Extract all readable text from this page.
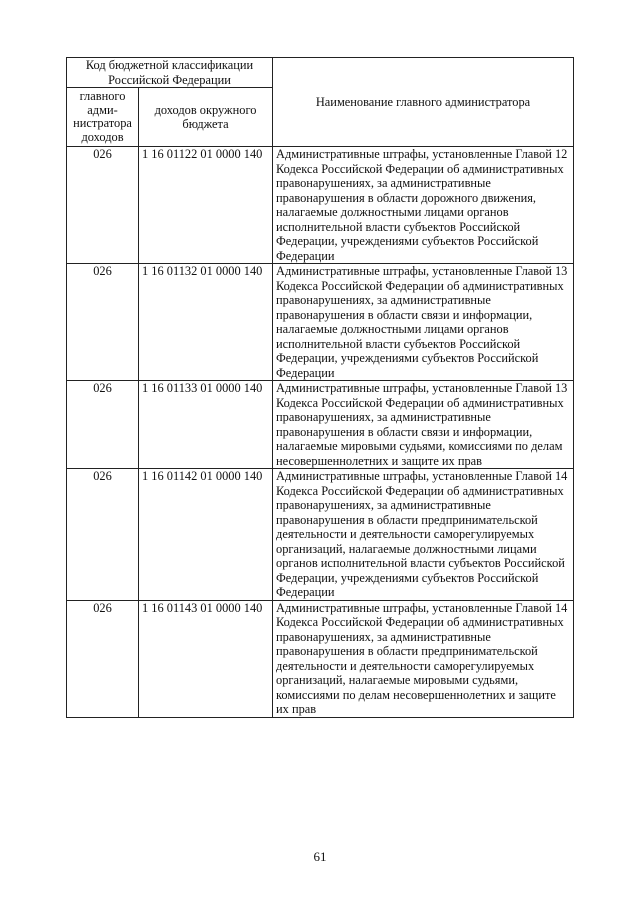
Код бюджетной классификации Российской Федерации		Наименование главного администратора
главного адми-нистратора доходов	доходов окружного бюджета	
026	1 16 01122 01 0000 140	Административные штрафы, установленные Главой 12 Кодекса Российской Федерации об административных правонарушениях, за административные правонарушения в области дорожного движения, налагаемые должностными лицами органов исполнительной власти субъектов Российской Федерации, учреждениями субъектов Российской Федерации
026	1 16 01132 01 0000 140	Административные штрафы, установленные Главой 13 Кодекса Российской Федерации об административных правонарушениях, за административные правонарушения в области связи и информации, налагаемые должностными лицами органов исполнительной власти субъектов Российской Федерации, учреждениями субъектов Российской Федерации
026	1 16 01133 01 0000 140	Административные штрафы, установленные Главой 13 Кодекса Российской Федерации об административных правонарушениях, за административные правонарушения в области связи и информации, налагаемые мировыми судьями, комиссиями по делам несовершеннолетних и защите их прав
026	1 16 01142 01 0000 140	Административные штрафы, установленные Главой 14 Кодекса Российской Федерации об административных правонарушениях, за административные правонарушения в области предпринимательской деятельности и деятельности саморегулируемых организаций, налагаемые должностными лицами органов исполнительной власти субъектов Российской Федерации, учреждениями субъектов Российской Федерации
026	1 16 01143 01 0000 140	Административные штрафы, установленные Главой 14 Кодекса Российской Федерации об административных правонарушениях, за административные правонарушения в области предпринимательской деятельности и деятельности саморегулируемых организаций, налагаемые мировыми судьями, комиссиями по делам несовершеннолетних и защите их прав
61
